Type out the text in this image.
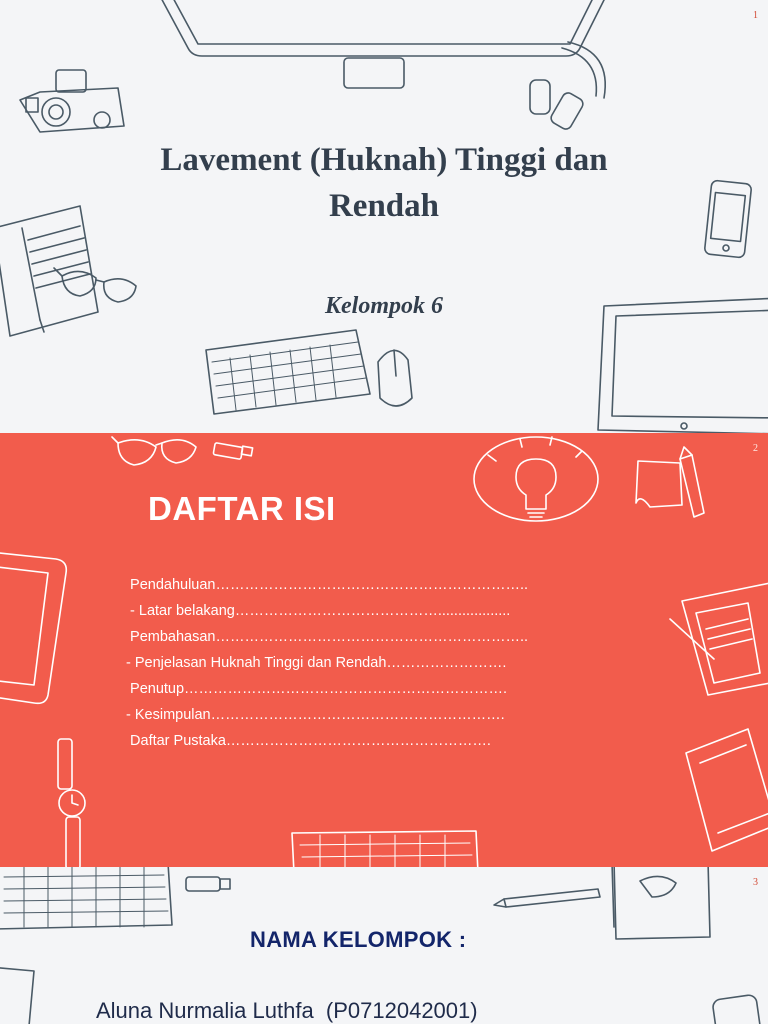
1
Lavement (Huknah) Tinggi dan
Rendah
Kelompok 6
2
DAFTAR ISI
Pendahuluan………………………………………………………..
- Latar belakang……………………………………..................
Pembahasan………………………………………………………..
- Penjelasan Huknah Tinggi dan Rendah…………………….
Penutup………………………………………………………….
- Kesimpulan…………………………………………………….
Daftar Pustaka……………………………………………….
3
NAMA KELOMPOK :

Aluna Nurmalia Luthfa  (P0712042001)
